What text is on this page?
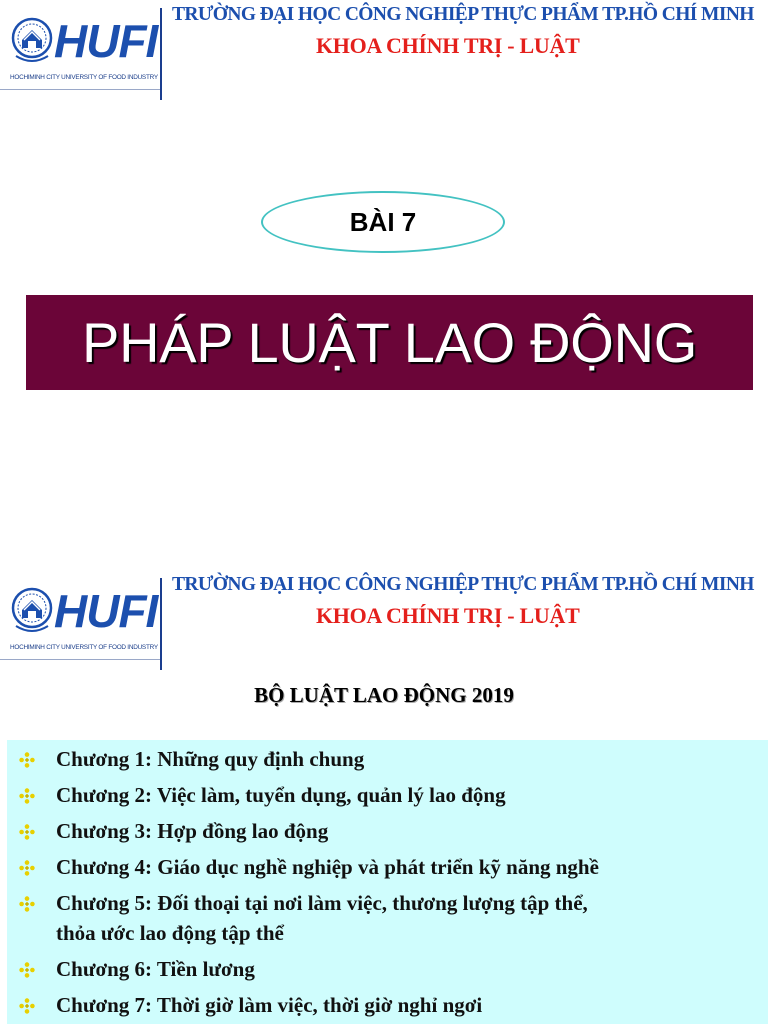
HUFI
HOCHIMINH CITY UNIVERSITY OF FOOD INDUSTRY
TRƯỜNG ĐẠI HỌC CÔNG NGHIỆP THỰC PHẨM TP.HỒ CHÍ MINH
KHOA CHÍNH TRỊ - LUẬT
BÀI 7
PHÁP LUẬT LAO ĐỘNG
HUFI
HOCHIMINH CITY UNIVERSITY OF FOOD INDUSTRY
TRƯỜNG ĐẠI HỌC CÔNG NGHIỆP THỰC PHẨM TP.HỒ CHÍ MINH
KHOA CHÍNH TRỊ - LUẬT
BỘ LUẬT LAO ĐỘNG 2019
Chương 1: Những quy định chung
Chương 2: Việc làm, tuyển dụng, quản lý lao động
Chương 3: Hợp đồng lao động
Chương 4: Giáo dục nghề nghiệp và phát triển kỹ năng nghề
Chương 5: Đối thoại tại nơi làm việc, thương lượng tập thể,
thỏa ước lao động tập thể
Chương 6: Tiền lương
Chương 7: Thời giờ làm việc, thời giờ nghỉ ngơi
